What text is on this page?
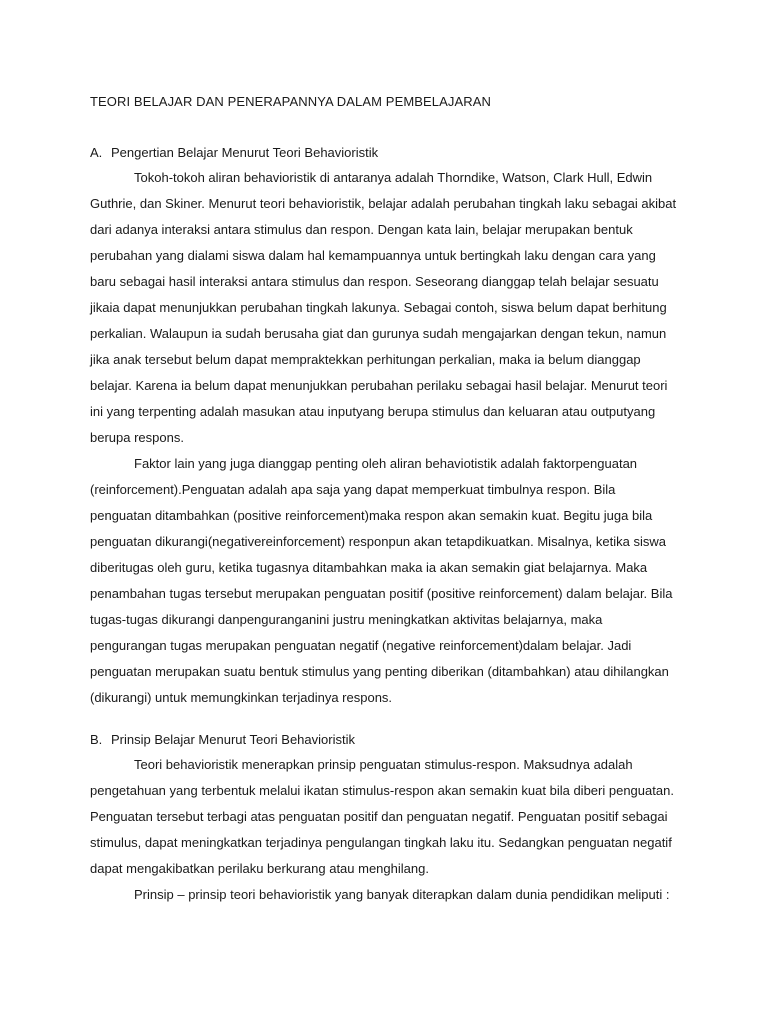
TEORI BELAJAR DAN PENERAPANNYA DALAM PEMBELAJARAN
A. Pengertian Belajar Menurut Teori Behavioristik

Tokoh-tokoh aliran behavioristik di antaranya adalah Thorndike, Watson, Clark Hull, Edwin Guthrie, dan Skiner. Menurut teori behavioristik, belajar adalah perubahan tingkah laku sebagai akibat dari adanya interaksi antara stimulus dan respon. Dengan kata lain, belajar merupakan bentuk perubahan yang dialami siswa dalam hal kemampuannya untuk bertingkah laku dengan cara yang baru sebagai hasil interaksi antara stimulus dan respon. Seseorang dianggap telah belajar sesuatu jikaia dapat menunjukkan perubahan tingkah lakunya. Sebagai contoh, siswa belum dapat berhitung perkalian. Walaupun ia sudah berusaha giat dan gurunya sudah mengajarkan dengan tekun, namun jika anak tersebut belum dapat mempraktekkan perhitungan perkalian, maka ia belum dianggap belajar. Karena ia belum dapat menunjukkan perubahan perilaku sebagai hasil belajar. Menurut teori ini yang terpenting adalah masukan atau inputyang berupa stimulus dan keluaran atau outputyang berupa respons.

Faktor lain yang juga dianggap penting oleh aliran behaviotistik adalah faktorpenguatan (reinforcement).Penguatan adalah apa saja yang dapat memperkuat timbulnya respon. Bila penguatan ditambahkan (positive reinforcement)maka respon akan semakin kuat. Begitu juga bila penguatan dikurangi(negativereinforcement) responpun akan tetapdikuatkan. Misalnya, ketika siswa diberitugas oleh guru, ketika tugasnya ditambahkan maka ia akan semakin giat belajarnya. Maka penambahan tugas tersebut merupakan penguatan positif (positive reinforcement) dalam belajar. Bila tugas-tugas dikurangi danpenguranganini justru meningkatkan aktivitas belajarnya, maka pengurangan tugas merupakan penguatan negatif (negative reinforcement)dalam belajar. Jadi penguatan merupakan suatu bentuk stimulus yang penting diberikan (ditambahkan) atau dihilangkan (dikurangi) untuk memungkinkan terjadinya respons.

B. Prinsip Belajar Menurut Teori Behavioristik

Teori behavioristik menerapkan prinsip penguatan stimulus-respon. Maksudnya adalah pengetahuan yang terbentuk melalui ikatan stimulus-respon akan semakin kuat bila diberi penguatan. Penguatan tersebut terbagi atas penguatan positif dan penguatan negatif. Penguatan positif sebagai stimulus, dapat meningkatkan terjadinya pengulangan tingkah laku itu. Sedangkan penguatan negatif dapat mengakibatkan perilaku berkurang atau menghilang.

Prinsip – prinsip teori behavioristik yang banyak diterapkan dalam dunia pendidikan meliputi :
